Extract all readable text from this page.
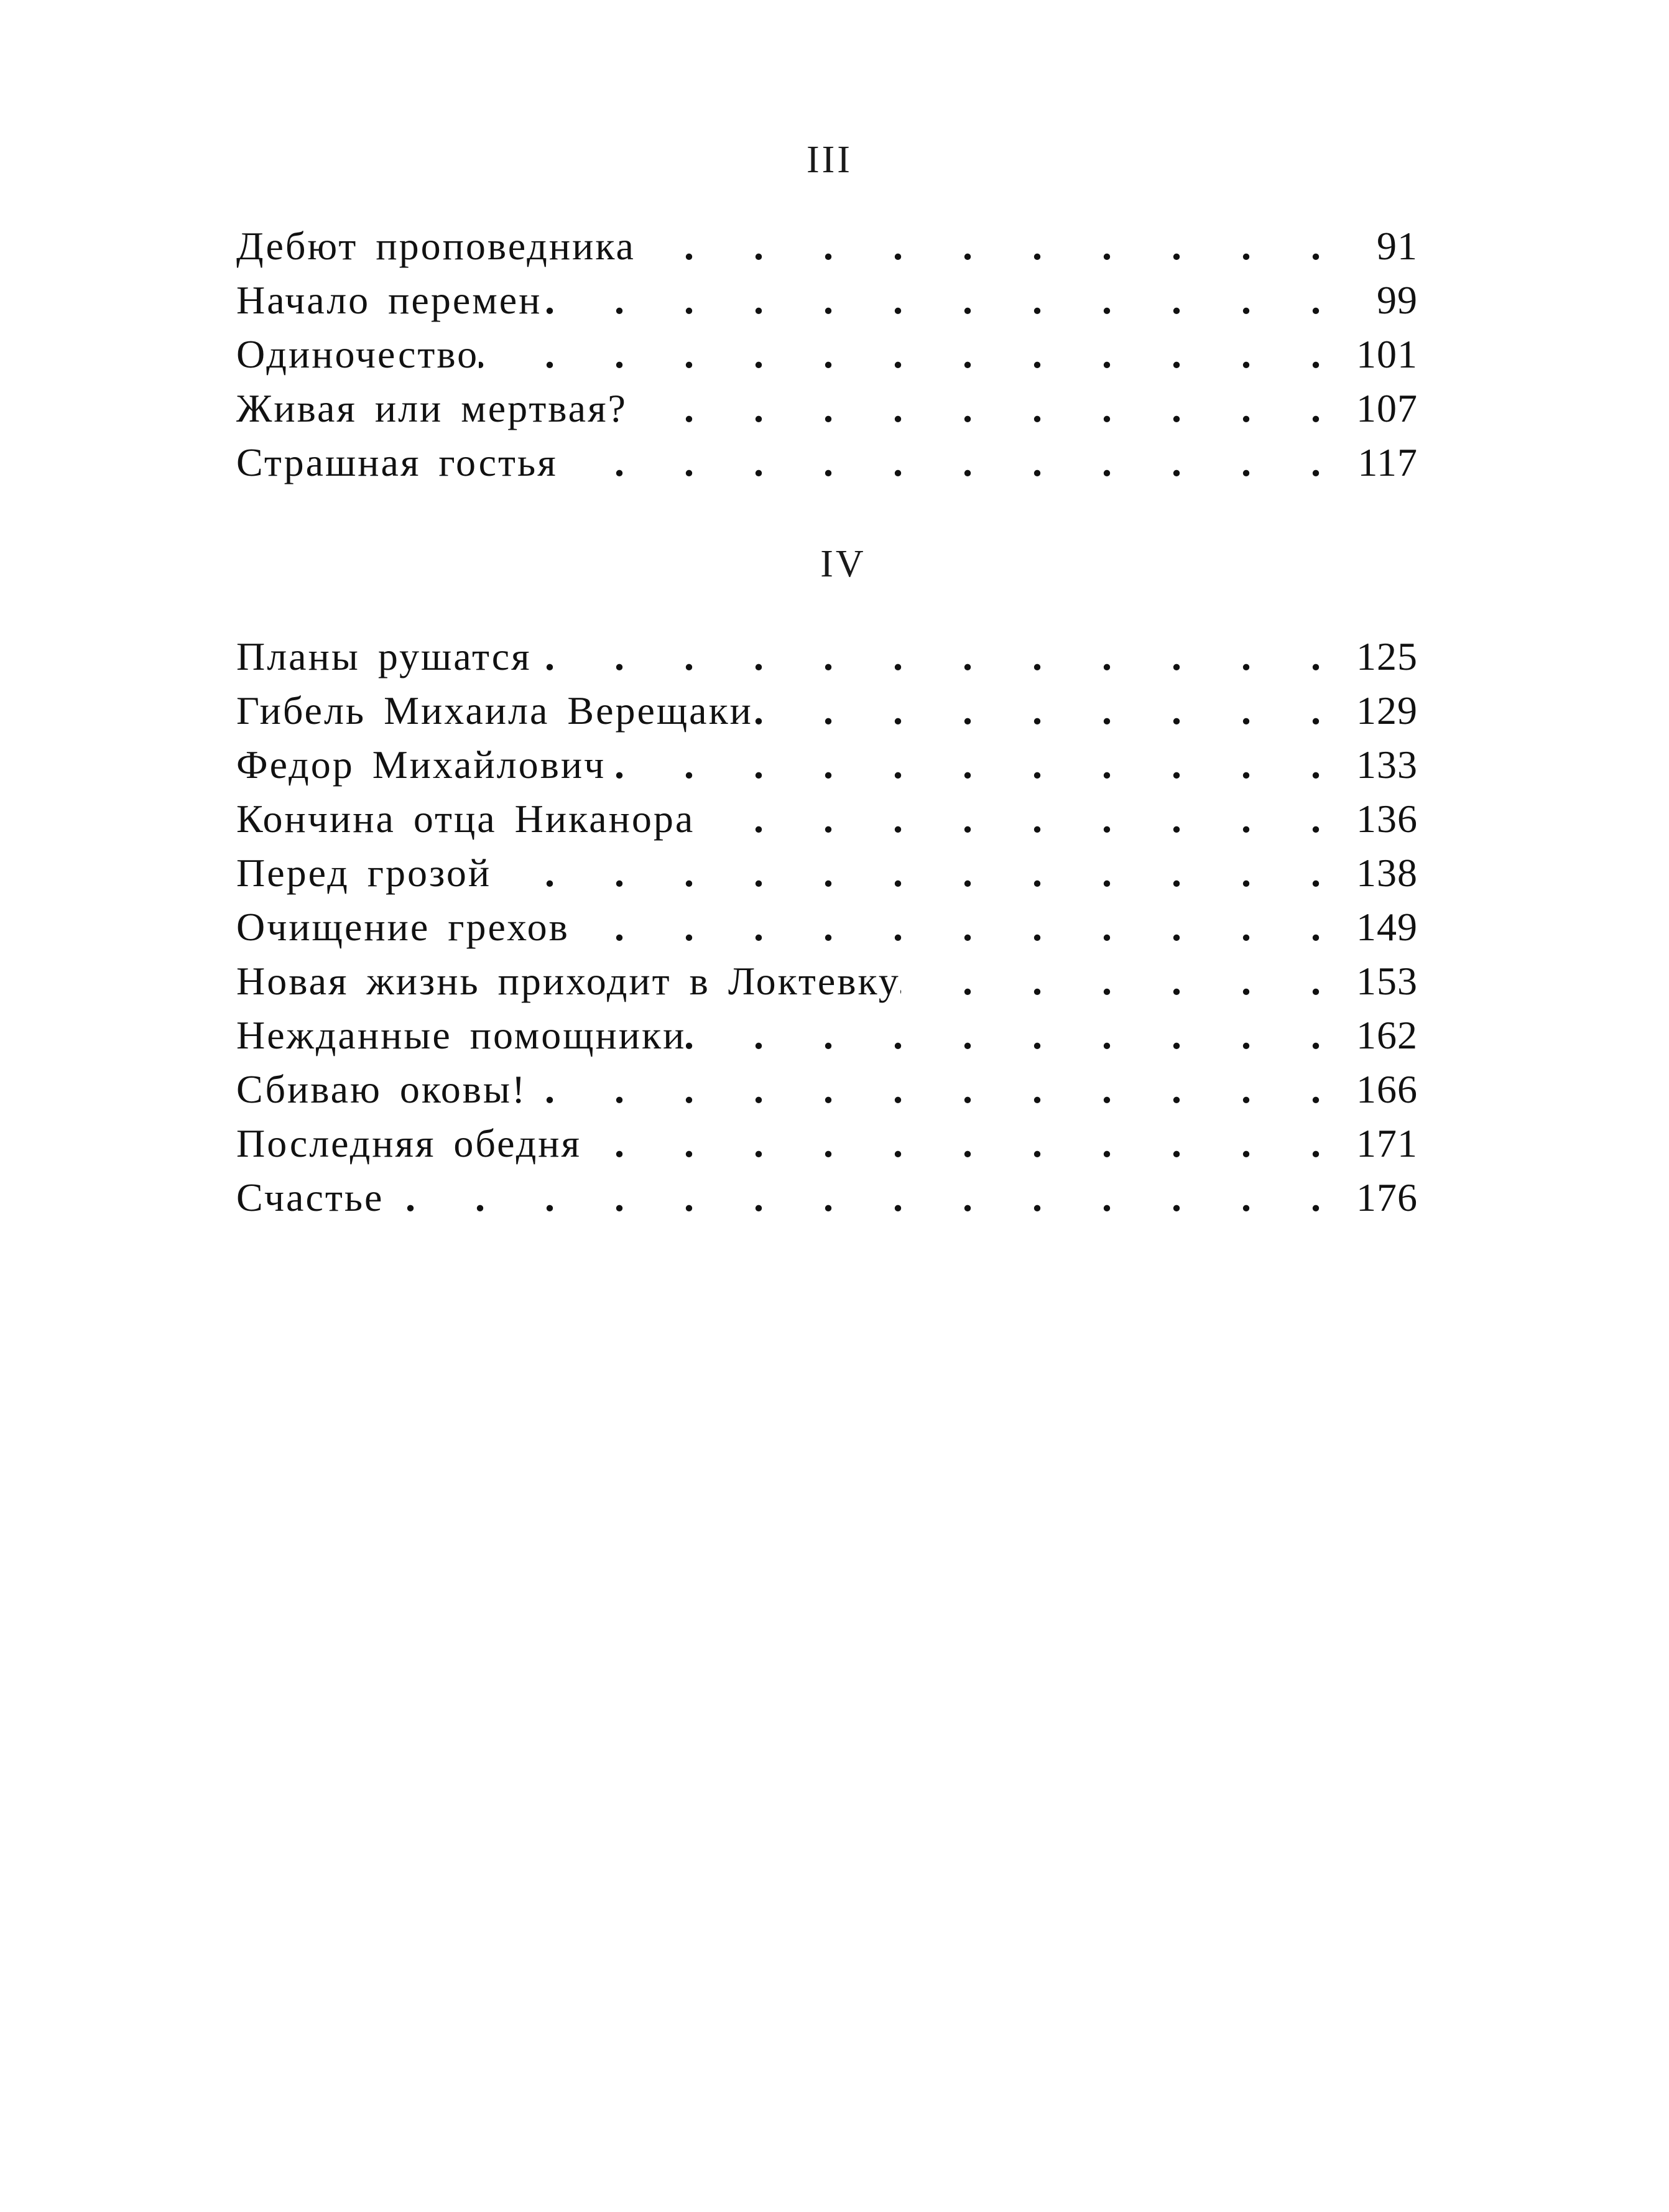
III
Дебют проповедника .	91
Начало перемен .	99
Одиночество .	101
Живая или мертвая? .	107
Страшная гостья .	117
IV
Планы рушатся .	125
Гибель Михаила Верещаки .	129
Федор Михайлович .	133
Кончина отца Никанора .	136
Перед грозой .	138
Очищение грехов .	149
Новая жизнь приходит в Локтевку .	153
Нежданные помощники .	162
Сбиваю оковы! .	166
Последняя обедня .	171
Счастье .	176
